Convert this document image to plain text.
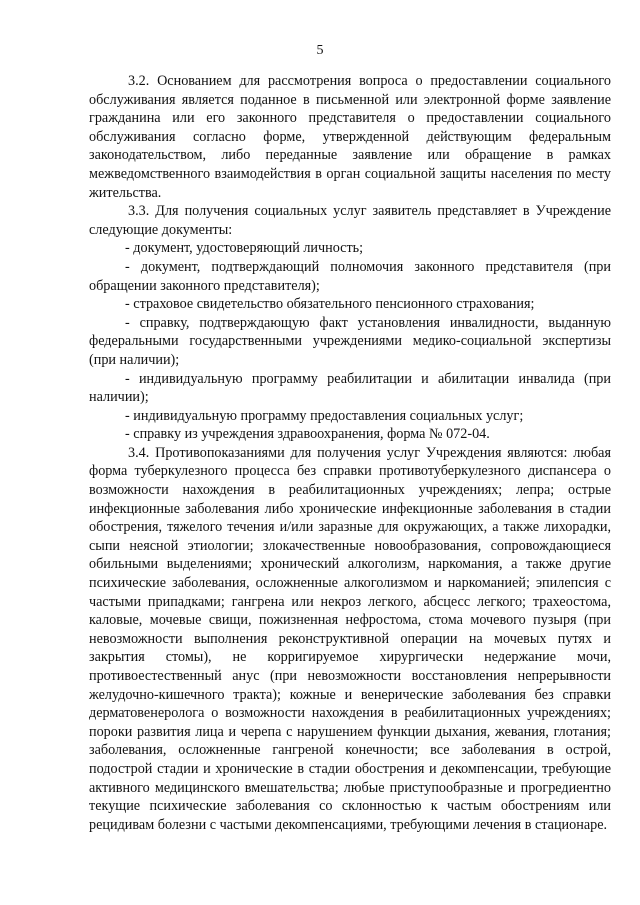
5

3.2. Основанием для рассмотрения вопроса о предоставлении социального обслуживания является поданное в письменной или электронной форме заявление гражданина или его законного представителя о предоставлении социального обслуживания согласно форме, утвержденной действующим федеральным законодательством, либо переданные заявление или обращение в рамках межведомственного взаимодействия в орган социальной защиты населения по месту жительства.

3.3. Для получения социальных услуг заявитель представляет в Учреждение следующие документы:

- документ, удостоверяющий личность;

- документ, подтверждающий полномочия законного представителя (при обращении законного представителя);

- страховое свидетельство обязательного пенсионного страхования;

- справку, подтверждающую факт установления инвалидности, выданную федеральными государственными учреждениями медико-социальной экспертизы (при наличии);

- индивидуальную программу реабилитации и абилитации инвалида (при наличии);

- индивидуальную программу предоставления социальных услуг;

- справку из учреждения здравоохранения, форма № 072-04.

3.4. Противопоказаниями для получения услуг Учреждения являются: любая форма туберкулезного процесса без справки противотуберкулезного диспансера о возможности нахождения в реабилитационных учреждениях; лепра; острые инфекционные заболевания либо хронические инфекционные заболевания в стадии обострения, тяжелого течения и/или заразные для окружающих, а также лихорадки, сыпи неясной этиологии; злокачественные новообразования, сопровождающиеся обильными выделениями; хронический алкоголизм, наркомания, а также другие психические заболевания, осложненные алкоголизмом и наркоманией; эпилепсия с частыми припадками; гангрена или некроз легкого, абсцесс легкого; трахеостома, каловые, мочевые свищи, пожизненная нефростома, стома мочевого пузыря (при невозможности выполнения реконструктивной операции на мочевых путях и закрытия стомы), не корригируемое хирургически недержание мочи, противоестественный анус (при невозможности восстановления непрерывности желудочно-кишечного тракта); кожные и венерические заболевания без справки дерматовенеролога о возможности нахождения в реабилитационных учреждениях; пороки развития лица и черепа с нарушением функции дыхания, жевания, глотания; заболевания, осложненные гангреной конечности; все заболевания в острой, подострой стадии и хронические в стадии обострения и декомпенсации, требующие активного медицинского вмешательства; любые приступообразные и прогредиентно текущие психические заболевания со склонностью к частым обострениям или рецидивам болезни с частыми декомпенсациями, требующими лечения в стационаре.
